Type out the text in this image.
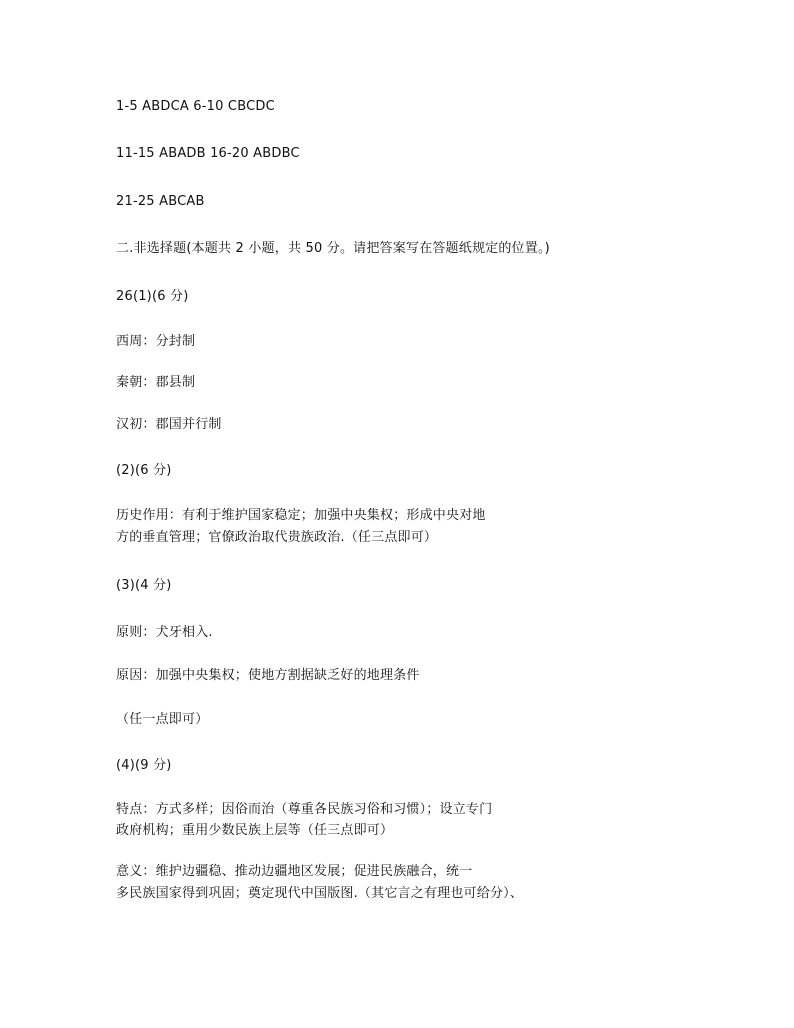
1-5 ABDCA 6-10 CBCDC
11-15 ABADB 16-20 ABDBC
21-25 ABCAB
二.非选择题(本题共 2 小题，共 50 分。请把答案写在答题纸规定的位置。)
26(1)(6 分)
西周：分封制
秦朝：郡县制
汉初：郡国并行制
(2)(6 分)
历史作用：有利于维护国家稳定；加强中央集权；形成中央对地
方的垂直管理；官僚政治取代贵族政治.（任三点即可）
(3)(4 分)
原则：犬牙相入.
原因：加强中央集权；使地方割据缺乏好的地理条件
（任一点即可）
(4)(9 分)
特点：方式多样；因俗而治（尊重各民族习俗和习惯）；设立专门
政府机构；重用少数民族上层等（任三点即可）
意义：维护边疆稳、推动边疆地区发展；促进民族融合，统一
多民族国家得到巩固；奠定现代中国版图.（其它言之有理也可给分）、
